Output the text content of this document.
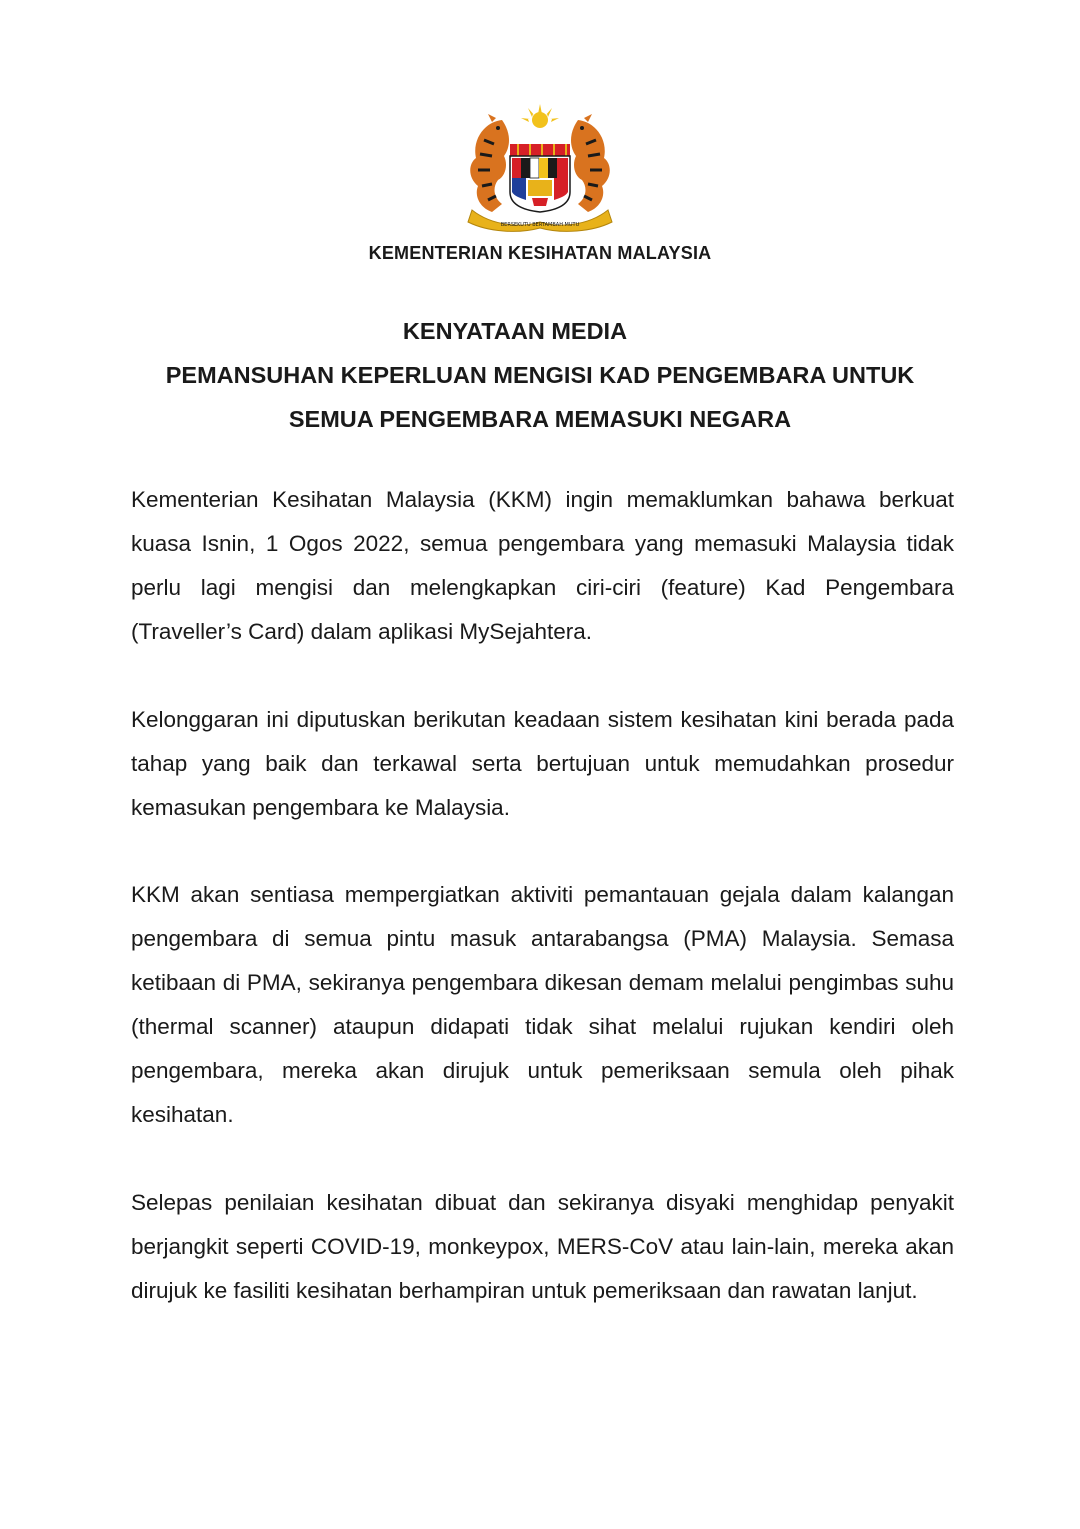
BERSEKUTU BERTAMBAH MUTU
KEMENTERIAN KESIHATAN MALAYSIA
KENYATAAN MEDIA
PEMANSUHAN KEPERLUAN MENGISI KAD PENGEMBARA UNTUK
SEMUA PENGEMBARA MEMASUKI NEGARA

Kementerian Kesihatan Malaysia (KKM) ingin memaklumkan bahawa berkuat kuasa Isnin, 1 Ogos 2022, semua pengembara yang memasuki Malaysia tidak perlu lagi mengisi dan melengkapkan ciri-ciri (feature) Kad Pengembara (Traveller’s Card) dalam aplikasi MySejahtera.

Kelonggaran ini diputuskan berikutan keadaan sistem kesihatan kini berada pada tahap yang baik dan terkawal serta bertujuan untuk memudahkan prosedur kemasukan pengembara ke Malaysia.

KKM akan sentiasa mempergiatkan aktiviti pemantauan gejala dalam kalangan pengembara di semua pintu masuk antarabangsa (PMA) Malaysia. Semasa ketibaan di PMA, sekiranya pengembara dikesan demam melalui pengimbas suhu (thermal scanner) ataupun didapati tidak sihat melalui rujukan kendiri oleh pengembara, mereka akan dirujuk untuk pemeriksaan semula oleh pihak kesihatan.

Selepas penilaian kesihatan dibuat dan sekiranya disyaki menghidap penyakit berjangkit seperti COVID-19, monkeypox, MERS-CoV atau lain-lain, mereka akan dirujuk ke fasiliti kesihatan berhampiran untuk pemeriksaan dan rawatan lanjut.
